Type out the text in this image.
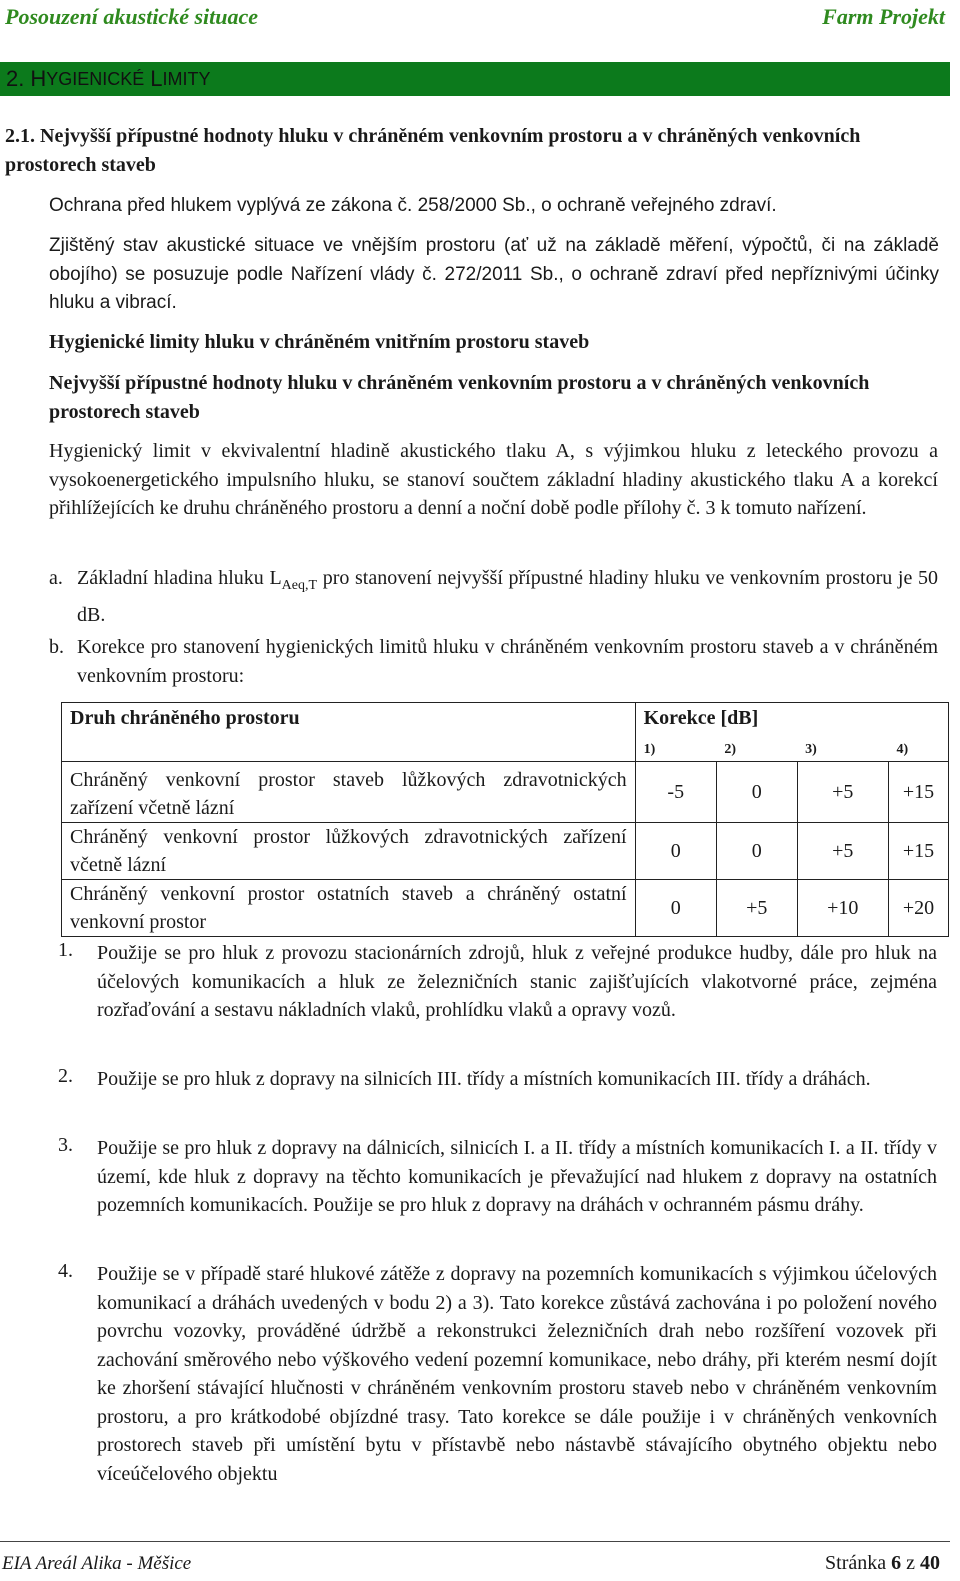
Posouzení akustické situace	Farm Projekt
2. H YGIENICKÉ L IMITY
2.1. Nejvyšší přípustné hodnoty hluku v chráněném venkovním prostoru a v chráněných venkovních prostorech staveb
Ochrana před hlukem vyplývá ze zákona č. 258/2000 Sb., o ochraně veřejného zdraví.
Zjištěný stav akustické situace ve vnějším prostoru (ať už na základě měření, výpočtů, či na základě obojího) se posuzuje podle Nařízení vlády č. 272/2011 Sb., o ochraně zdraví před nepříznivými účinky hluku a vibrací.
Hygienické limity hluku v chráněném vnitřním prostoru staveb
Nejvyšší přípustné hodnoty hluku v chráněném venkovním prostoru a v chráněných venkovních prostorech staveb
Hygienický limit v ekvivalentní hladině akustického tlaku A, s výjimkou hluku z leteckého provozu a vysokoenergetického impulsního hluku, se stanoví součtem základní hladiny akustického tlaku A a korekcí přihlížejících ke druhu chráněného prostoru a denní a noční době podle přílohy č. 3 k tomuto nařízení.
a. Základní hladina hluku $L_{Aeq,T}$ pro stanovení nejvyšší přípustné hladiny hluku ve venkovním prostoru je 50 dB.
b. Korekce pro stanovení hygienických limitů hluku v chráněném venkovním prostoru staveb a v chráněném venkovním prostoru:
Druh chráněného prostoru	Korekce [dB]			
	1)	2)	3)	4)
Chráněný venkovní prostor staveb lůžkových zdravotnických zařízení včetně lázní	-5	0	+5	+15
Chráněný venkovní prostor lůžkových zdravotnických zařízení včetně lázní	0	0	+5	+15
Chráněný venkovní prostor ostatních staveb a chráněný ostatní venkovní prostor	0	+5	+10	+20
1. Použije se pro hluk z provozu stacionárních zdrojů, hluk z veřejné produkce hudby, dále pro hluk na účelových komunikacích a hluk ze železničních stanic zajišťujících vlakotvorné práce, zejména rozřaďování a sestavu nákladních vlaků, prohlídku vlaků a opravy vozů.
2. Použije se pro hluk z dopravy na silnicích III. třídy a místních komunikacích III. třídy a dráhách.
3. Použije se pro hluk z dopravy na dálnicích, silnicích I. a II. třídy a místních komunikacích I. a II. třídy v území, kde hluk z dopravy na těchto komunikacích je převažující nad hlukem z dopravy na ostatních pozemních komunikacích. Použije se pro hluk z dopravy na dráhách v ochranném pásmu dráhy.
4. Použije se v případě staré hlukové zátěže z dopravy na pozemních komunikacích s výjimkou účelových komunikací a dráhách uvedených v bodu 2) a 3). Tato korekce zůstává zachována i po položení nového povrchu vozovky, prováděné údržbě a rekonstrukci železničních drah nebo rozšíření vozovek při zachování směrového nebo výškového vedení pozemní komunikace, nebo dráhy, při kterém nesmí dojít ke zhoršení stávající hlučnosti v chráněném venkovním prostoru staveb nebo v chráněném venkovním prostoru, a pro krátkodobé objízdné trasy. Tato korekce se dále použije i v chráněných venkovních prostorech staveb při umístění bytu v přístavbě nebo nástavbě stávajícího obytného objektu nebo víceúčelového objektu
EIA Areál Alika - Měšice	Stránka 6 z 40
